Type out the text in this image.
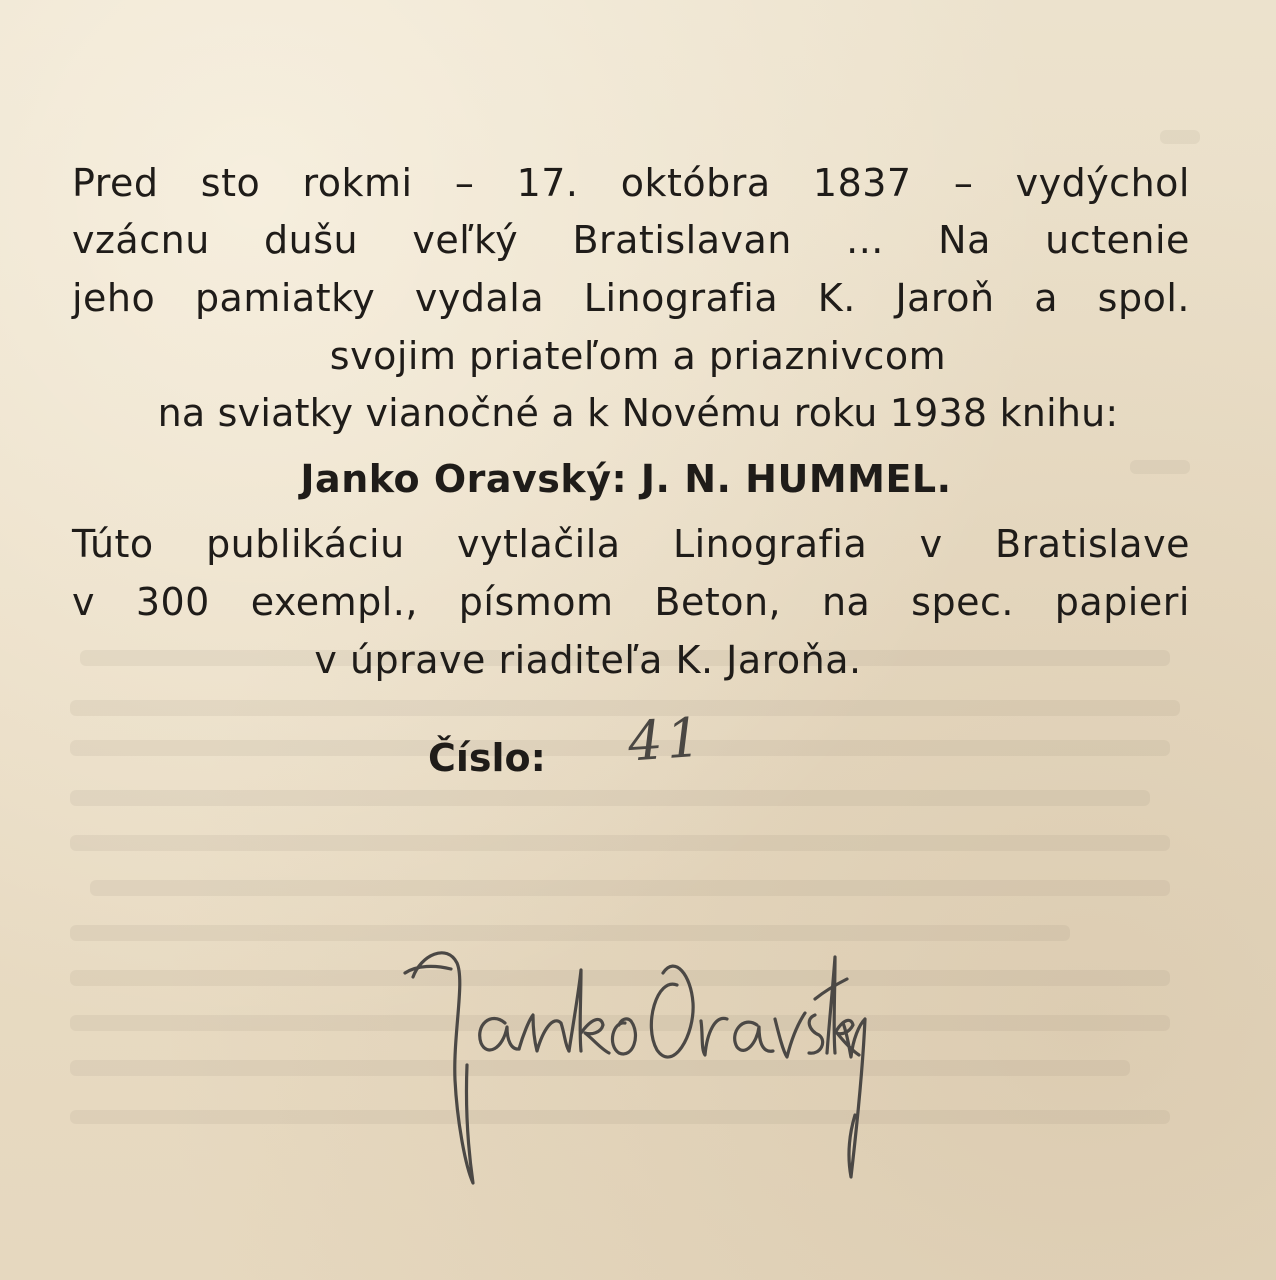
Pred sto rokmi – 17. októbra 1837 – vydýchol
vzácnu dušu veľký Bratislavan ... Na uctenie
jeho pamiatky vydala Linografia K. Jaroň a spol.

svojim priateľom a priaznivcom

na sviatky vianočné a k Novému roku 1938 knihu:

Janko Oravský: J. N. HUMMEL.

Túto publikáciu vytlačila Linografia v Bratislave
v 300 exempl., písmom Beton, na spec. papieri

v úprave riaditeľa K. Jaroňa.

Číslo: 41
